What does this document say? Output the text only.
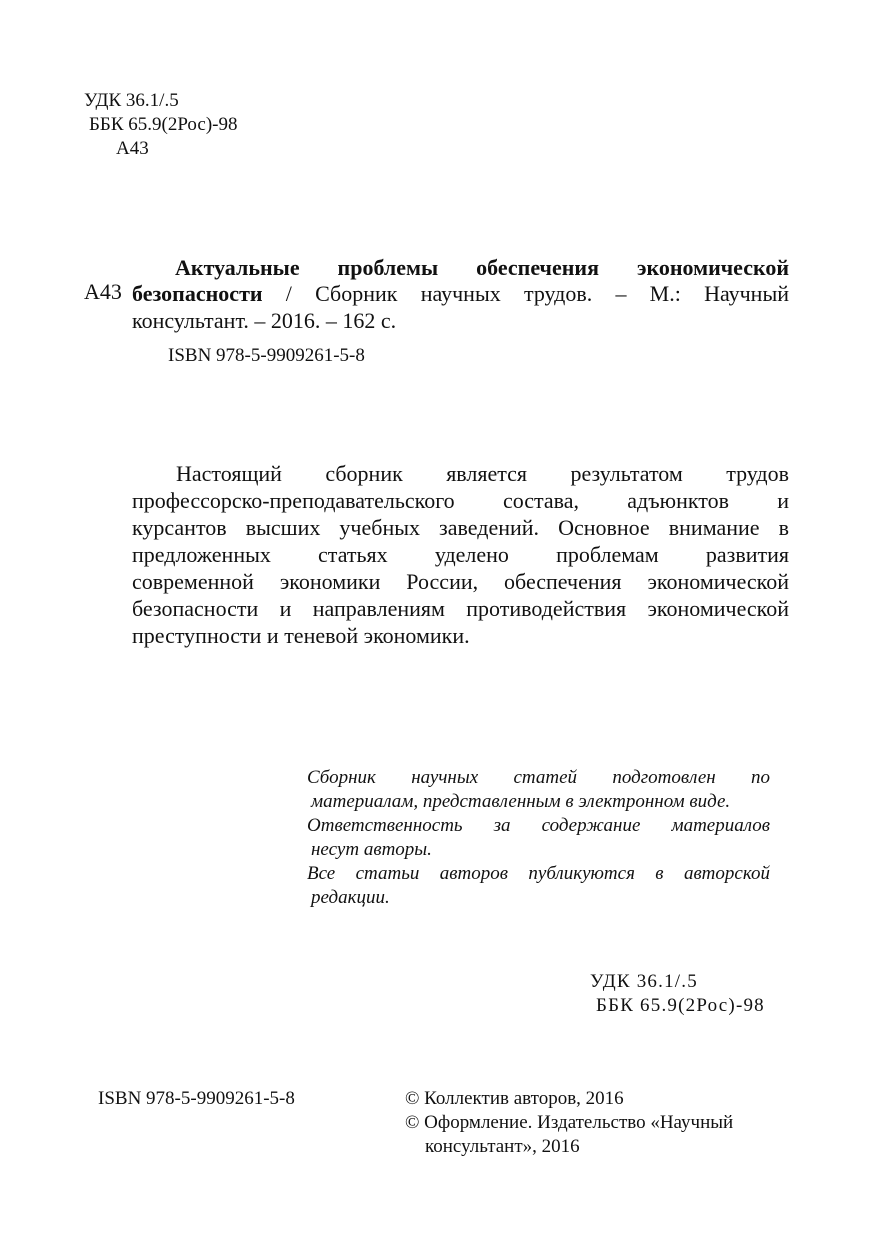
УДК 36.1/.5
ББК 65.9(2Рос)-98
А43
А43
Актуальные проблемы обеспечения экономической
безопасности / Сборник научных трудов. – М.: Научный
консультант. – 2016. – 162 с.
ISBN 978-5-9909261-5-8
Настоящий сборник является результатом трудов
профессорско-преподавательского состава, адъюнктов и
курсантов высших учебных заведений. Основное внимание в
предложенных статьях уделено проблемам развития
современной экономики России, обеспечения экономической
безопасности и направлениям противодействия экономической
преступности и теневой экономики.
Сборник научных статей подготовлен по
материалам, представленным в электронном виде.
Ответственность за содержание материалов
несут авторы.
Все статьи авторов публикуются в авторской
редакции.
УДК 36.1/.5
ББК 65.9(2Рос)-98
ISBN 978-5-9909261-5-8	© Коллектив авторов, 2016
© Оформление. Издательство «Научный
консультант», 2016
